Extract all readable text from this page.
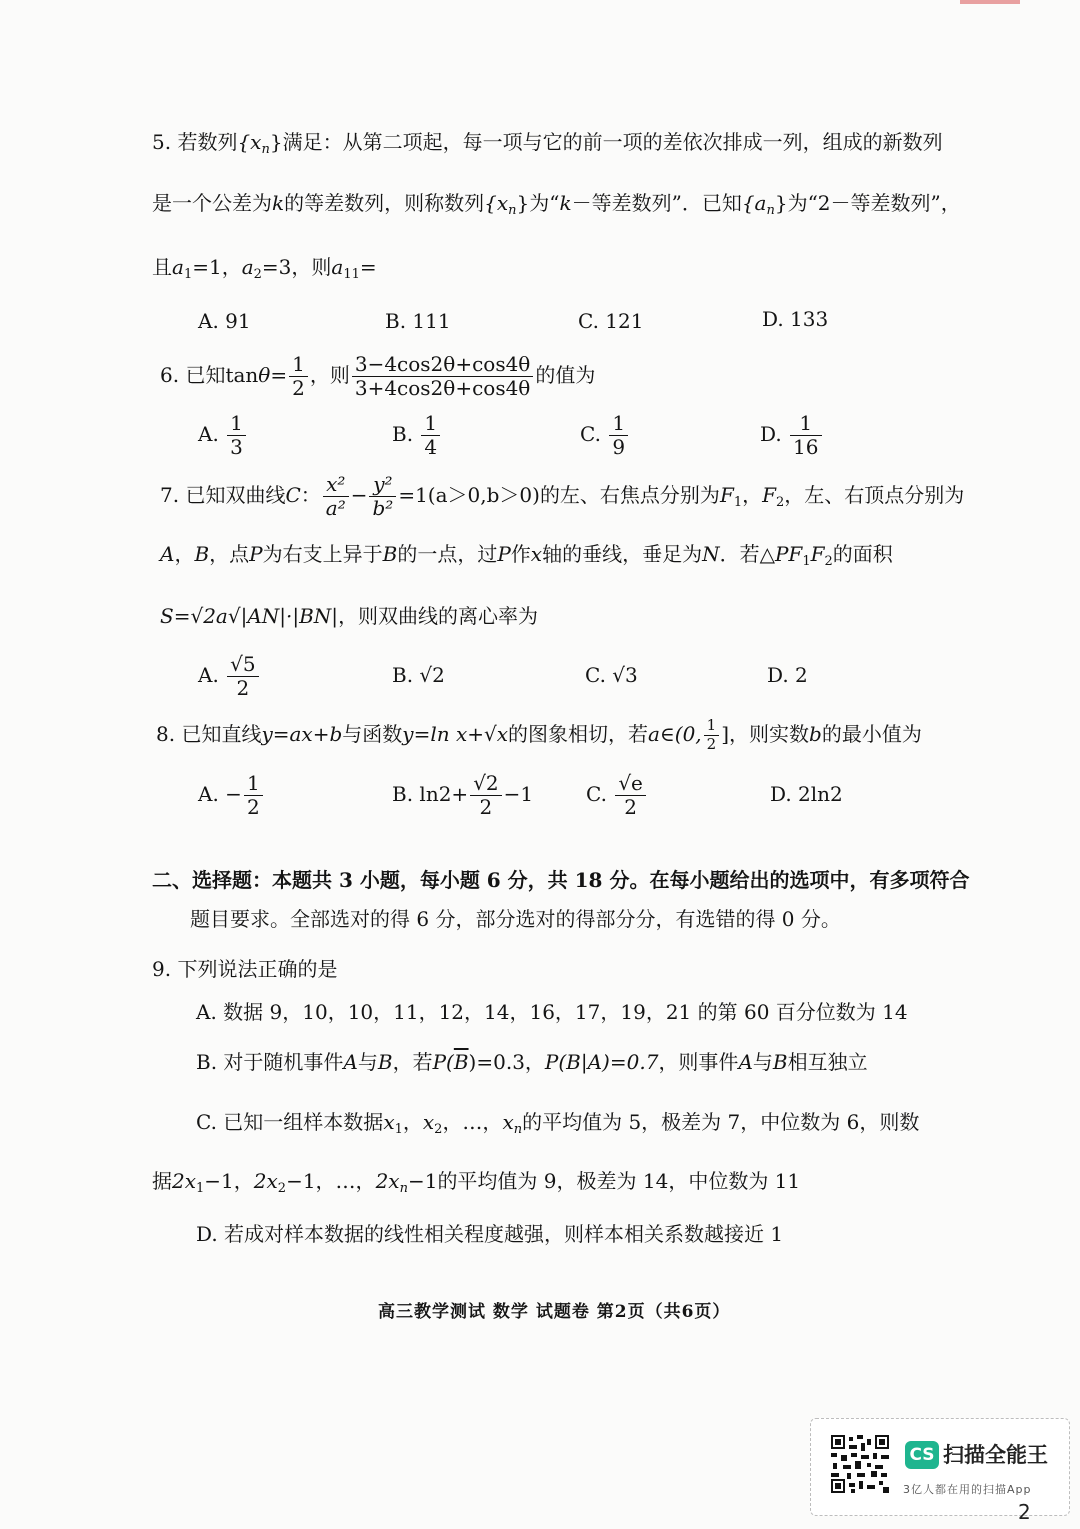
5. 若数列$\{x_n\}$满足：从第二项起，每一项与它的前一项的差依次排成一列，组成的新数列
是一个公差为k的等差数列，则称数列$\{x_n\}$为“k－等差数列”．已知$\{a_n\}$为“2－等差数列”，
且$a_1=1$，$a_2=3$，则$a_{11}=$
A. 91	B. 111	C. 121	D. 133
6. 已知$\tan\theta= \frac{1}{2}$ ，则 $\frac{3-4\cos 2\theta+\cos 4\theta}{3+4\cos 2\theta+\cos 4\theta}$ 的值为
A. $\frac{1}{3}$	B. $\frac{1}{4}$	C. $\frac{1}{9}$	D. $\frac{1}{16}$
7. 已知双曲线C： $\frac{\text{x²}}{\text{a²}} - \frac{\text{y²}}{\text{b²}} =1(a>0,b>0)$的左、右焦点分别为$F_1$，$F_2$，左、右顶点分别为
A，B，点P为右支上异于B的一点，过P作x轴的垂线，垂足为N．若$\triangle PF_1F_2$的面积
S=√2a√|AN|·|BN|，则双曲线的离心率为
A. $\frac{√5}{2}$	B. √2	C. √3	D. 2
8. 已知直线y=ax+b与函数y=ln x+√x的图象相切，若a∈(0, $\frac{1}{2}$ ]，则实数b的最小值为
A. − $\frac{1}{2}$	B. $\ln 2+ \frac{√2}{2} -1$	C. $\frac{√e}{2}$	D. 2ln2
二、选择题：本题共 3 小题，每小题 6 分，共 18 分。在每小题给出的选项中，有多项符合
题目要求。全部选对的得 6 分，部分选对的得部分分，有选错的得 0 分。
9. 下列说法正确的是
A. 数据 9，10，10，11，12，14，16，17，19，21 的第 60 百分位数为 14
B. 对于随机事件A与B，若$P(\overline{B})=0.3$，P(B|A)=0.7，则事件A与B相互独立
C. 已知一组样本数据$x_1$，$x_2$，…，$x_n$的平均值为 5，极差为 7，中位数为 6，则数
据$2x_1-1$，$2x_2-1$，…，$2x_n-1$的平均值为 9，极差为 14，中位数为 11
D. 若成对样本数据的线性相关程度越强，则样本相关系数越接近 1
高三教学测试 数学 试题卷 第2页（共6页）
CS 扫描全能王
3亿人都在用的扫描App
2
